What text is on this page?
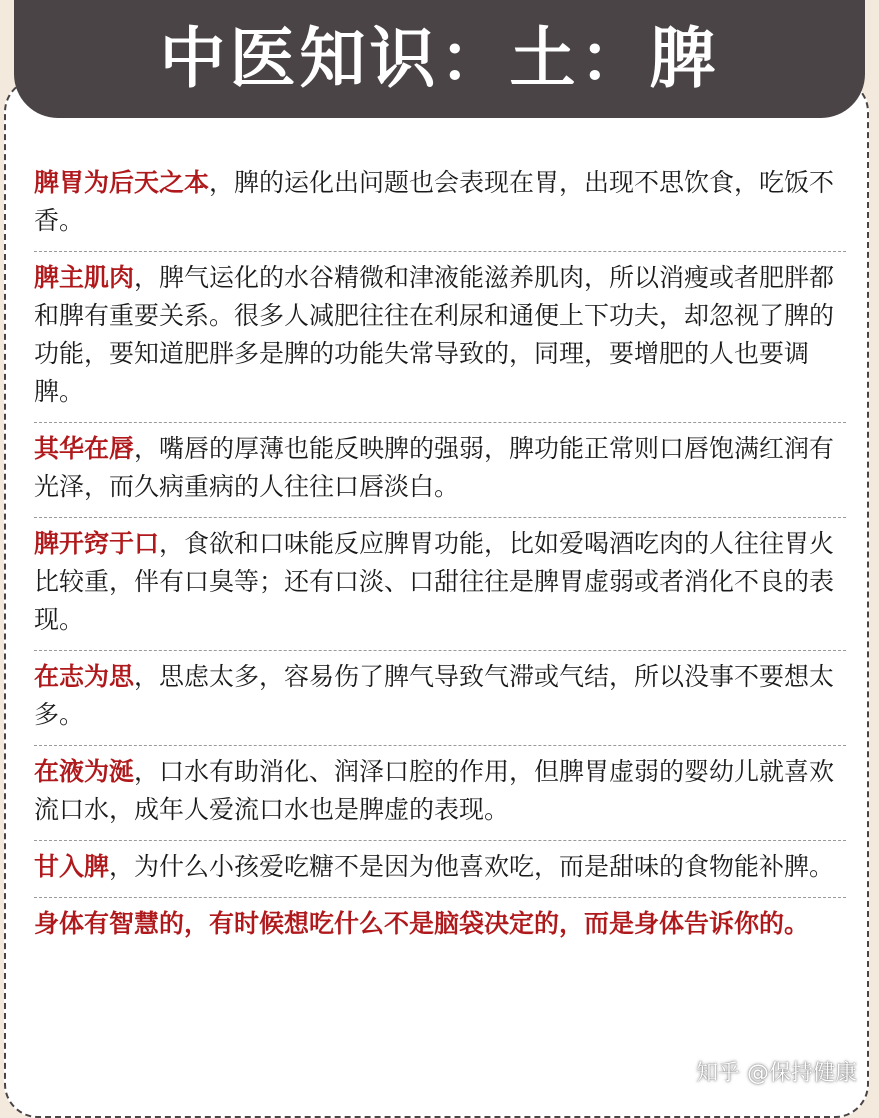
中医知识：土：脾
脾胃为后天之本，脾的运化出问题也会表现在胃，出现不思饮食，吃饭不香。
脾主肌肉，脾气运化的水谷精微和津液能滋养肌肉，所以消瘦或者肥胖都和脾有重要关系。很多人减肥往往在利尿和通便上下功夫，却忽视了脾的功能，要知道肥胖多是脾的功能失常导致的，同理，要增肥的人也要调脾。
其华在唇，嘴唇的厚薄也能反映脾的强弱，脾功能正常则口唇饱满红润有光泽，而久病重病的人往往口唇淡白。
脾开窍于口，食欲和口味能反应脾胃功能，比如爱喝酒吃肉的人往往胃火比较重，伴有口臭等；还有口淡、口甜往往是脾胃虚弱或者消化不良的表现。
在志为思，思虑太多，容易伤了脾气导致气滞或气结，所以没事不要想太多。
在液为涎，口水有助消化、润泽口腔的作用，但脾胃虚弱的婴幼儿就喜欢流口水，成年人爱流口水也是脾虚的表现。
甘入脾，为什么小孩爱吃糖不是因为他喜欢吃，而是甜味的食物能补脾。
身体有智慧的，有时候想吃什么不是脑袋决定的，而是身体告诉你的。
知乎 @保持健康
